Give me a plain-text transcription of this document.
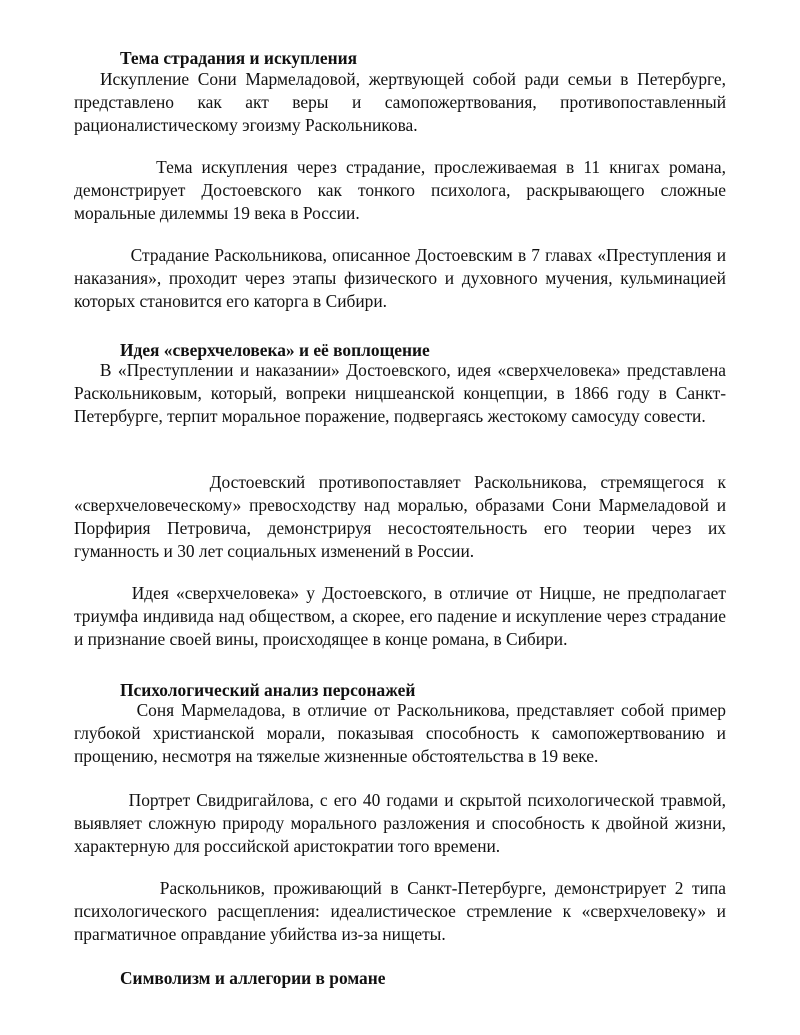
Тема страдания и искупления

Искупление Сони Мармеладовой, жертвующей собой ради семьи в Петербурге, представлено как акт веры и самопожертвования, противопоставленный рационалистическому эгоизму Раскольникова.

Тема искупления через страдание, прослеживаемая в 11 книгах романа, демонстрирует Достоевского как тонкого психолога, раскрывающего сложные моральные дилеммы 19 века в России.

Страдание Раскольникова, описанное Достоевским в 7 главах «Преступления и наказания», проходит через этапы физического и духовного мучения, кульминацией которых становится его каторга в Сибири.

Идея «сверхчеловека» и её воплощение

В «Преступлении и наказании» Достоевского, идея «сверхчеловека» представлена Раскольниковым, который, вопреки ницшеанской концепции, в 1866 году в Санкт-Петербурге, терпит моральное поражение, подвергаясь жестокому самосуду совести.

Достоевский противопоставляет Раскольникова, стремящегося к «сверхчеловеческому» превосходству над моралью, образами Сони Мармеладовой и Порфирия Петровича, демонстрируя несостоятельность его теории через их гуманность и 30 лет социальных изменений в России.

Идея «сверхчеловека» у Достоевского, в отличие от Ницше, не предполагает триумфа индивида над обществом, а скорее, его падение и искупление через страдание и признание своей вины, происходящее в конце романа, в Сибири.

Психологический анализ персонажей

Соня Мармеладова, в отличие от Раскольникова, представляет собой пример глубокой христианской морали, показывая способность к самопожертвованию и прощению, несмотря на тяжелые жизненные обстоятельства в 19 веке.

Портрет Свидригайлова, с его 40 годами и скрытой психологической травмой, выявляет сложную природу морального разложения и способность к двойной жизни, характерную для российской аристократии того времени.

Раскольников, проживающий в Санкт-Петербурге, демонстрирует 2 типа психологического расщепления: идеалистическое стремление к «сверхчеловеку» и прагматичное оправдание убийства из-за нищеты.

Символизм и аллегории в романе
